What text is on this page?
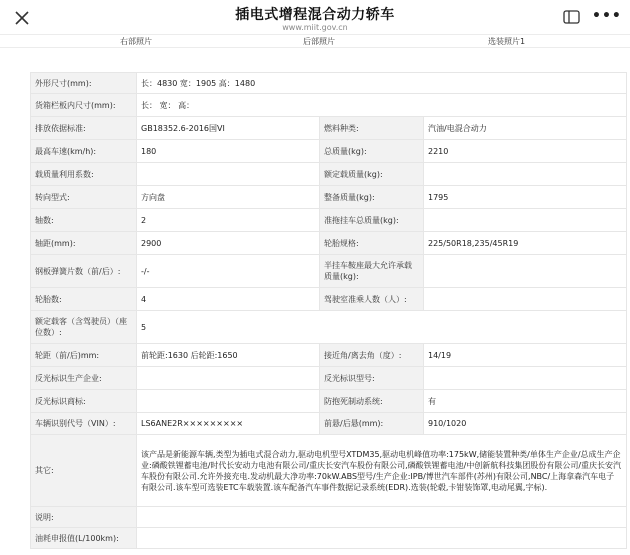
插电式增程混合动力轿车
www.miit.gov.cn
•••
右部照片	后部照片	选装照片1
外形尺寸(mm):	长：4830 宽：1905 高：1480		
货箱栏板内尺寸(mm):	长： 宽： 高：		
排放依据标准:	GB18352.6-2016国VI	燃料种类:	汽油/电混合动力
最高车速(km/h):	180	总质量(kg):	2210
载质量利用系数:		额定载质量(kg):	
转向型式:	方向盘	整备质量(kg):	1795
轴数:	2	准拖挂车总质量(kg):	
轴距(mm):	2900	轮胎规格:	225/50R18,235/45R19
钢板弹簧片数（前/后）:	-/-	半挂车鞍座最大允许承载质量(kg):	
轮胎数:	4	驾驶室准乘人数（人）:	
额定载客（含驾驶员）（座位数）:	5		
轮距（前/后)mm:	前轮距:1630 后轮距:1650	接近角/离去角（度）:	14/19
反光标识生产企业:		反光标识型号:	
反光标识商标:		防抱死制动系统:	有
车辆识别代号（VIN）:	LS6ANE2R×××××××××	前悬/后悬(mm):	910/1020
其它:	该产品是新能源车辆,类型为插电式混合动力,驱动电机型号XTDM35,驱动电机峰值功率:175kW,储能装置种类/单体生产企业/总成生产企业:磷酸铁锂蓄电池/时代长安动力电池有限公司/重庆长安汽车股份有限公司,磷酸铁锂蓄电池/中创新航科技集团股份有限公司/重庆长安汽车股份有限公司.允许外接充电.发动机最大净功率:70kW.ABS型号/生产企业:IPB/博世汽车部件(苏州)有限公司,NBC/上海拿森汽车电子有限公司.该车型可选装ETC车载装置.该车配备汽车事件数据记录系统(EDR).选装(轮毂,卡钳装饰罩,电动尾翼,字标).		
说明:			
油耗申报值(L/100km):			
